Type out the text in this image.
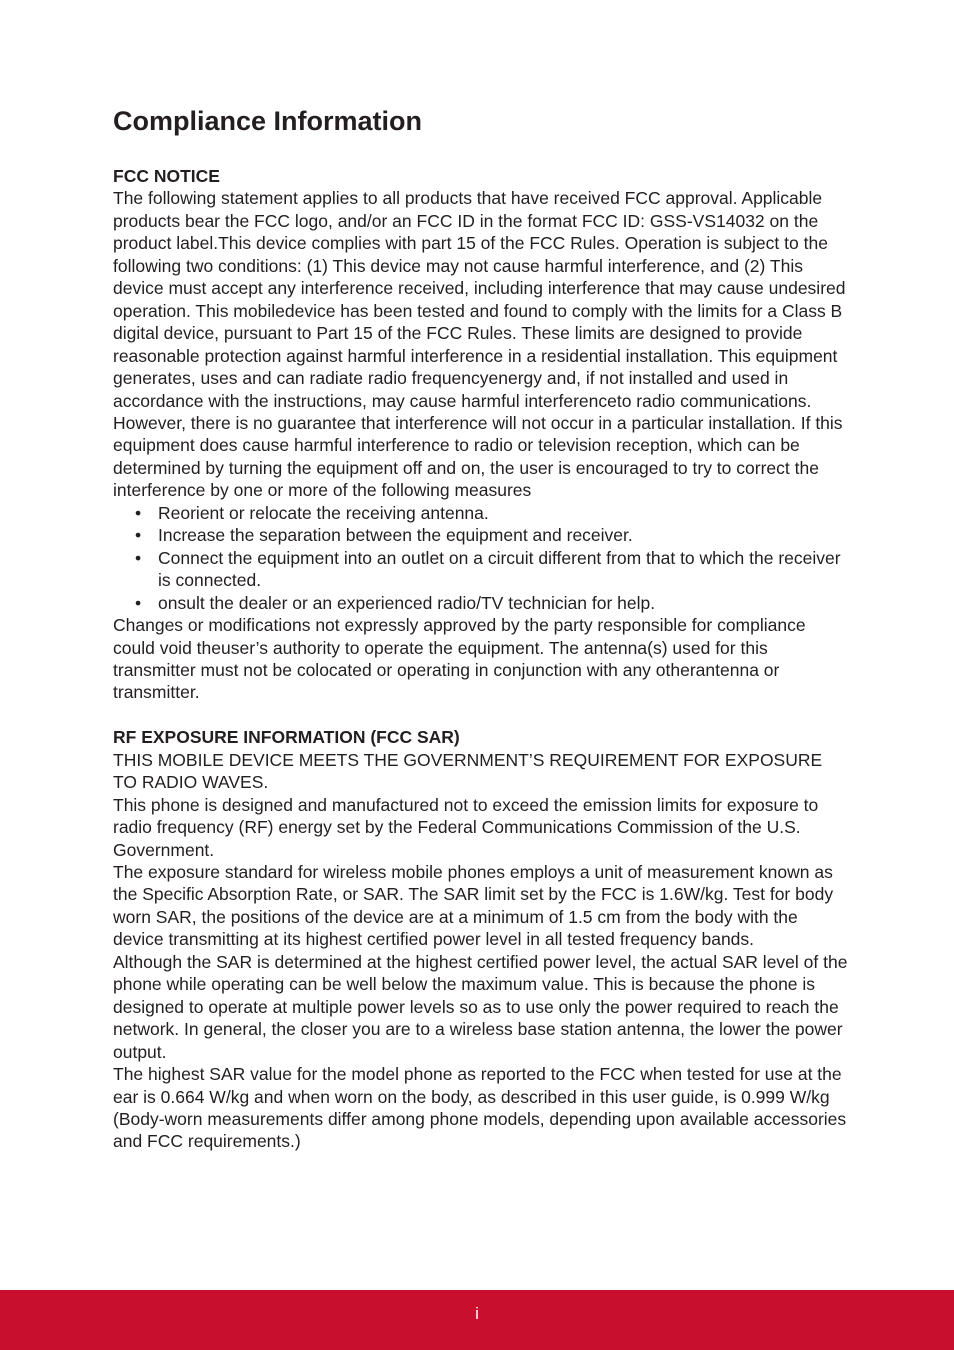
Compliance Information

FCC NOTICE

The following statement applies to all products that have received FCC approval. Applicable products bear the FCC logo, and/or an FCC ID in the format FCC ID: GSS-VS14032 on the product label.This device complies with part 15 of the FCC Rules. Operation is subject to the following two conditions: (1) This device may not cause harmful interference, and (2) This device must accept any interference received, including interference that may cause undesired operation. This mobiledevice has been tested and found to comply with the limits for a Class B digital device, pursuant to Part 15 of the FCC Rules. These limits are designed to provide reasonable protection against harmful interference in a residential installation. This equipment generates, uses and can radiate radio frequencyenergy and, if not installed and used in accordance with the instructions, may cause harmful interferenceto radio communications.

However, there is no guarantee that interference will not occur in a particular installation. If this equipment does cause harmful interference to radio or television reception, which can be determined by turning the equipment off and on, the user is encouraged to try to correct the interference by one or more of the following measures

• Reorient or relocate the receiving antenna.
• Increase the separation between the equipment and receiver.
• Connect the equipment into an outlet on a circuit different from that to which the receiver is connected.
• onsult the dealer or an experienced radio/TV technician for help.

Changes or modifications not expressly approved by the party responsible for compliance could void theuser’s authority to operate the equipment. The antenna(s) used for this transmitter must not be colocated or operating in conjunction with any otherantenna or transmitter.

RF EXPOSURE INFORMATION (FCC SAR)

THIS MOBILE DEVICE MEETS THE GOVERNMENT’S REQUIREMENT FOR EXPOSURE TO RADIO WAVES.

This phone is designed and manufactured not to exceed the emission limits for exposure to radio frequency (RF) energy set by the Federal Communications Commission of the U.S. Government.

The exposure standard for wireless mobile phones employs a unit of measurement known as the Specific Absorption Rate, or SAR. The SAR limit set by the FCC is 1.6W/kg. Test for body worn SAR, the positions of the device are at a minimum of 1.5 cm from the body with the device transmitting at its highest certified power level in all tested frequency bands.

Although the SAR is determined at the highest certified power level, the actual SAR level of the phone while operating can be well below the maximum value. This is because the phone is designed to operate at multiple power levels so as to use only the power required to reach the network. In general, the closer you are to a wireless base station antenna, the lower the power output.

The highest SAR value for the model phone as reported to the FCC when tested for use at the ear is 0.664 W/kg and when worn on the body, as described in this user guide, is 0.999 W/kg (Body-worn measurements differ among phone models, depending upon available accessories and FCC requirements.)

i
